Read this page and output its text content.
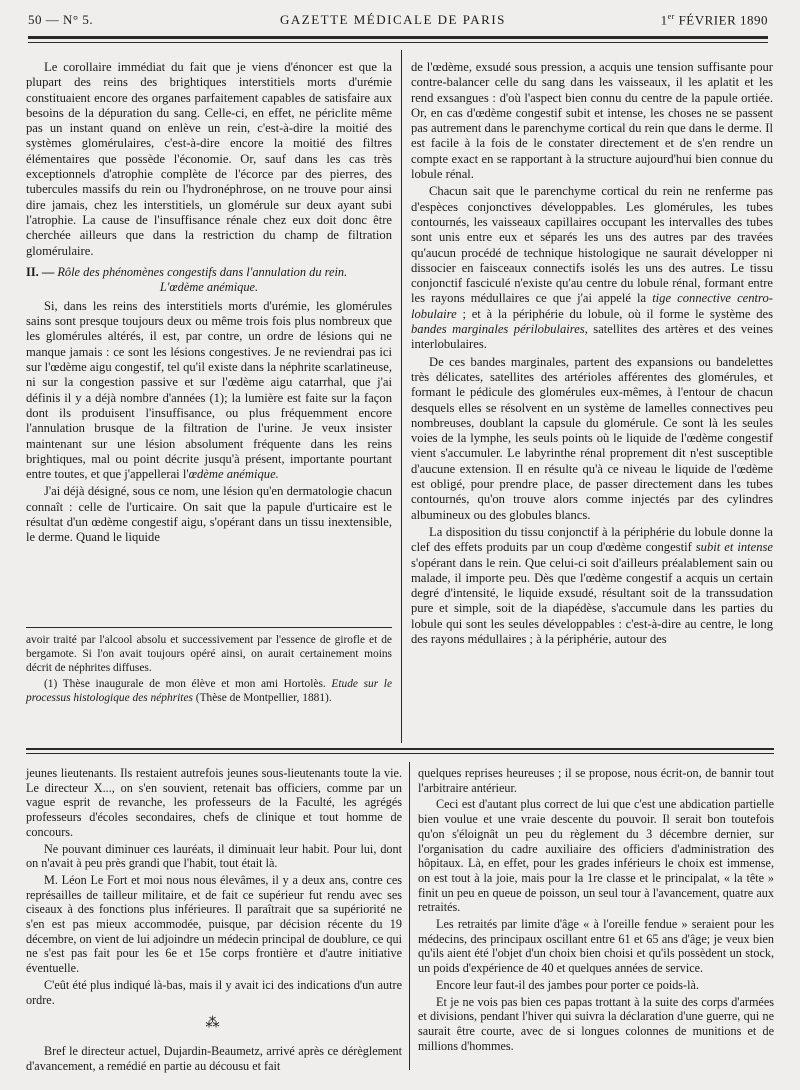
50 — N° 5.	GAZETTE MÉDICALE DE PARIS	1er FÉVRIER 1890

Le corollaire immédiat du fait que je viens d'énoncer est que la plupart des reins des brightiques interstitiels morts d'urémie constituaient encore des organes parfaitement capables de satisfaire aux besoins de la dépuration du sang. Celle-ci, en effet, ne périclite même pas un instant quand on enlève un rein, c'est-à-dire la moitié des systèmes glomérulaires, c'est-à-dire encore la moitié des filtres élémentaires que possède l'économie. Or, sauf dans les cas très exceptionnels d'atrophie complète de l'écorce par des pierres, des tubercules massifs du rein ou l'hydronéphrose, on ne trouve pour ainsi dire jamais, chez les interstitiels, un glomérule sur deux ayant subi l'atrophie. La cause de l'insuffisance rénale chez eux doit donc être cherchée ailleurs que dans la restriction du champ de filtration glomérulaire.

II. — Rôle des phénomènes congestifs dans l'annulation du rein.
L'œdème anémique.

Si, dans les reins des interstitiels morts d'urémie, les glomérules sains sont presque toujours deux ou même trois fois plus nombreux que les glomérules altérés, il est, par contre, un ordre de lésions qui ne manque jamais : ce sont les lésions congestives. Je ne reviendrai pas ici sur l'œdème aigu congestif, tel qu'il existe dans la néphrite scarlatineuse, ni sur la congestion passive et sur l'œdème aigu catarrhal, que j'ai définis il y a déjà nombre d'années (1); la lumière est faite sur la façon dont ils produisent l'insuffisance, ou plus fréquemment encore l'annulation brusque de la filtration de l'urine. Je veux insister maintenant sur une lésion absolument fréquente dans les reins brightiques, mal ou point décrite jusqu'à présent, importante pourtant entre toutes, et que j'appellerai l'œdème anémique.

J'ai déjà désigné, sous ce nom, une lésion qu'en dermatologie chacun connaît : celle de l'urticaire. On sait que la papule d'urticaire est le résultat d'un œdème congestif aigu, s'opérant dans un tissu inextensible, le derme. Quand le liquide

avoir traité par l'alcool absolu et successivement par l'essence de girofle et de bergamote. Si l'on avait toujours opéré ainsi, on aurait certainement moins décrit de néphrites diffuses.

(1) Thèse inaugurale de mon élève et mon ami Hortolès. Etude sur le processus histologique des néphrites (Thèse de Montpellier, 1881).

de l'œdème, exsudé sous pression, a acquis une tension suffisante pour contre-balancer celle du sang dans les vaisseaux, il les aplatit et les rend exsangues : d'où l'aspect bien connu du centre de la papule ortiée. Or, en cas d'œdème congestif subit et intense, les choses ne se passent pas autrement dans le parenchyme cortical du rein que dans le derme. Il est facile à la fois de le constater directement et de s'en rendre un compte exact en se rapportant à la structure aujourd'hui bien connue du lobule rénal.

Chacun sait que le parenchyme cortical du rein ne renferme pas d'espèces conjonctives développables. Les glomérules, les tubes contournés, les vaisseaux capillaires occupant les intervalles des tubes sont unis entre eux et séparés les uns des autres par des travées qu'aucun procédé de technique histologique ne saurait développer ni dissocier en faisceaux connectifs isolés les uns des autres. Le tissu conjonctif fasciculé n'existe qu'au centre du lobule rénal, formant entre les rayons médullaires ce que j'ai appelé la tige connective centro-lobulaire ; et à la périphérie du lobule, où il forme le système des bandes marginales périlobulaires, satellites des artères et des veines interlobulaires.

De ces bandes marginales, partent des expansions ou bandelettes très délicates, satellites des artérioles afférentes des glomérules, et formant le pédicule des glomérules eux-mêmes, à l'entour de chacun desquels elles se résolvent en un système de lamelles connectives peu nombreuses, doublant la capsule du glomérule. Ce sont là les seules voies de la lymphe, les seuls points où le liquide de l'œdème congestif vient s'accumuler. Le labyrinthe rénal proprement dit n'est susceptible d'aucune extension. Il en résulte qu'à ce niveau le liquide de l'œdème est obligé, pour prendre place, de passer directement dans les tubes contournés, qu'on trouve alors comme injectés par des cylindres albumineux ou des globules blancs.

La disposition du tissu conjonctif à la périphérie du lobule donne la clef des effets produits par un coup d'œdème congestif subit et intense s'opérant dans le rein. Que celui-ci soit d'ailleurs préalablement sain ou malade, il importe peu. Dès que l'œdème congestif a acquis un certain degré d'intensité, le liquide exsudé, résultant soit de la transsudation pure et simple, soit de la diapédèse, s'accumule dans les parties du lobule qui sont les seules développables : c'est-à-dire au centre, le long des rayons médullaires ; à la périphérie, autour des

jeunes lieutenants. Ils restaient autrefois jeunes sous-lieutenants toute la vie. Le directeur X..., on s'en souvient, retenait bas officiers, comme par un vague esprit de revanche, les professeurs de la Faculté, les agrégés professeurs d'écoles secondaires, chefs de clinique et tout homme de concours.

Ne pouvant diminuer ces lauréats, il diminuait leur habit. Pour lui, dont on n'avait à peu près grandi que l'habit, tout était là.

M. Léon Le Fort et moi nous nous élevâmes, il y a deux ans, contre ces représailles de tailleur militaire, et de fait ce supérieur fut rendu avec ses ciseaux à des fonctions plus inférieures. Il paraîtrait que sa supériorité ne s'en est pas mieux accommodée, puisque, par décision récente du 19 décembre, on vient de lui adjoindre un médecin principal de doublure, ce qui ne s'est pas fait pour les 6e et 15e corps frontière et d'autre initiative éventuelle.

C'eût été plus indiqué là-bas, mais il y avait ici des indications d'un autre ordre.

⁂

Bref le directeur actuel, Dujardin-Beaumetz, arrivé après ce dérèglement d'avancement, a remédié en partie au décousu et fait

quelques reprises heureuses ; il se propose, nous écrit-on, de bannir tout l'arbitraire antérieur.

Ceci est d'autant plus correct de lui que c'est une abdication partielle bien voulue et une vraie descente du pouvoir. Il serait bon toutefois qu'on s'éloignât un peu du règlement du 3 décembre dernier, sur l'organisation du cadre auxiliaire des officiers d'administration des hôpitaux. Là, en effet, pour les grades inférieurs le choix est immense, on est tout à la joie, mais pour la 1re classe et le principalat, « la tête » finit un peu en queue de poisson, un seul tour à l'avancement, quatre aux retraités.

Les retraités par limite d'âge « à l'oreille fendue » seraient pour les médecins, des principaux oscillant entre 61 et 65 ans d'âge; je veux bien qu'ils aient été l'objet d'un choix bien choisi et qu'ils possèdent un stock, un poids d'expérience de 40 et quelques années de service.

Encore leur faut-il des jambes pour porter ce poids-là.

Et je ne vois pas bien ces papas trottant à la suite des corps d'armées et divisions, pendant l'hiver qui suivra la déclaration d'une guerre, qui ne saurait être courte, avec de si longues colonnes de munitions et de millions d'hommes.
